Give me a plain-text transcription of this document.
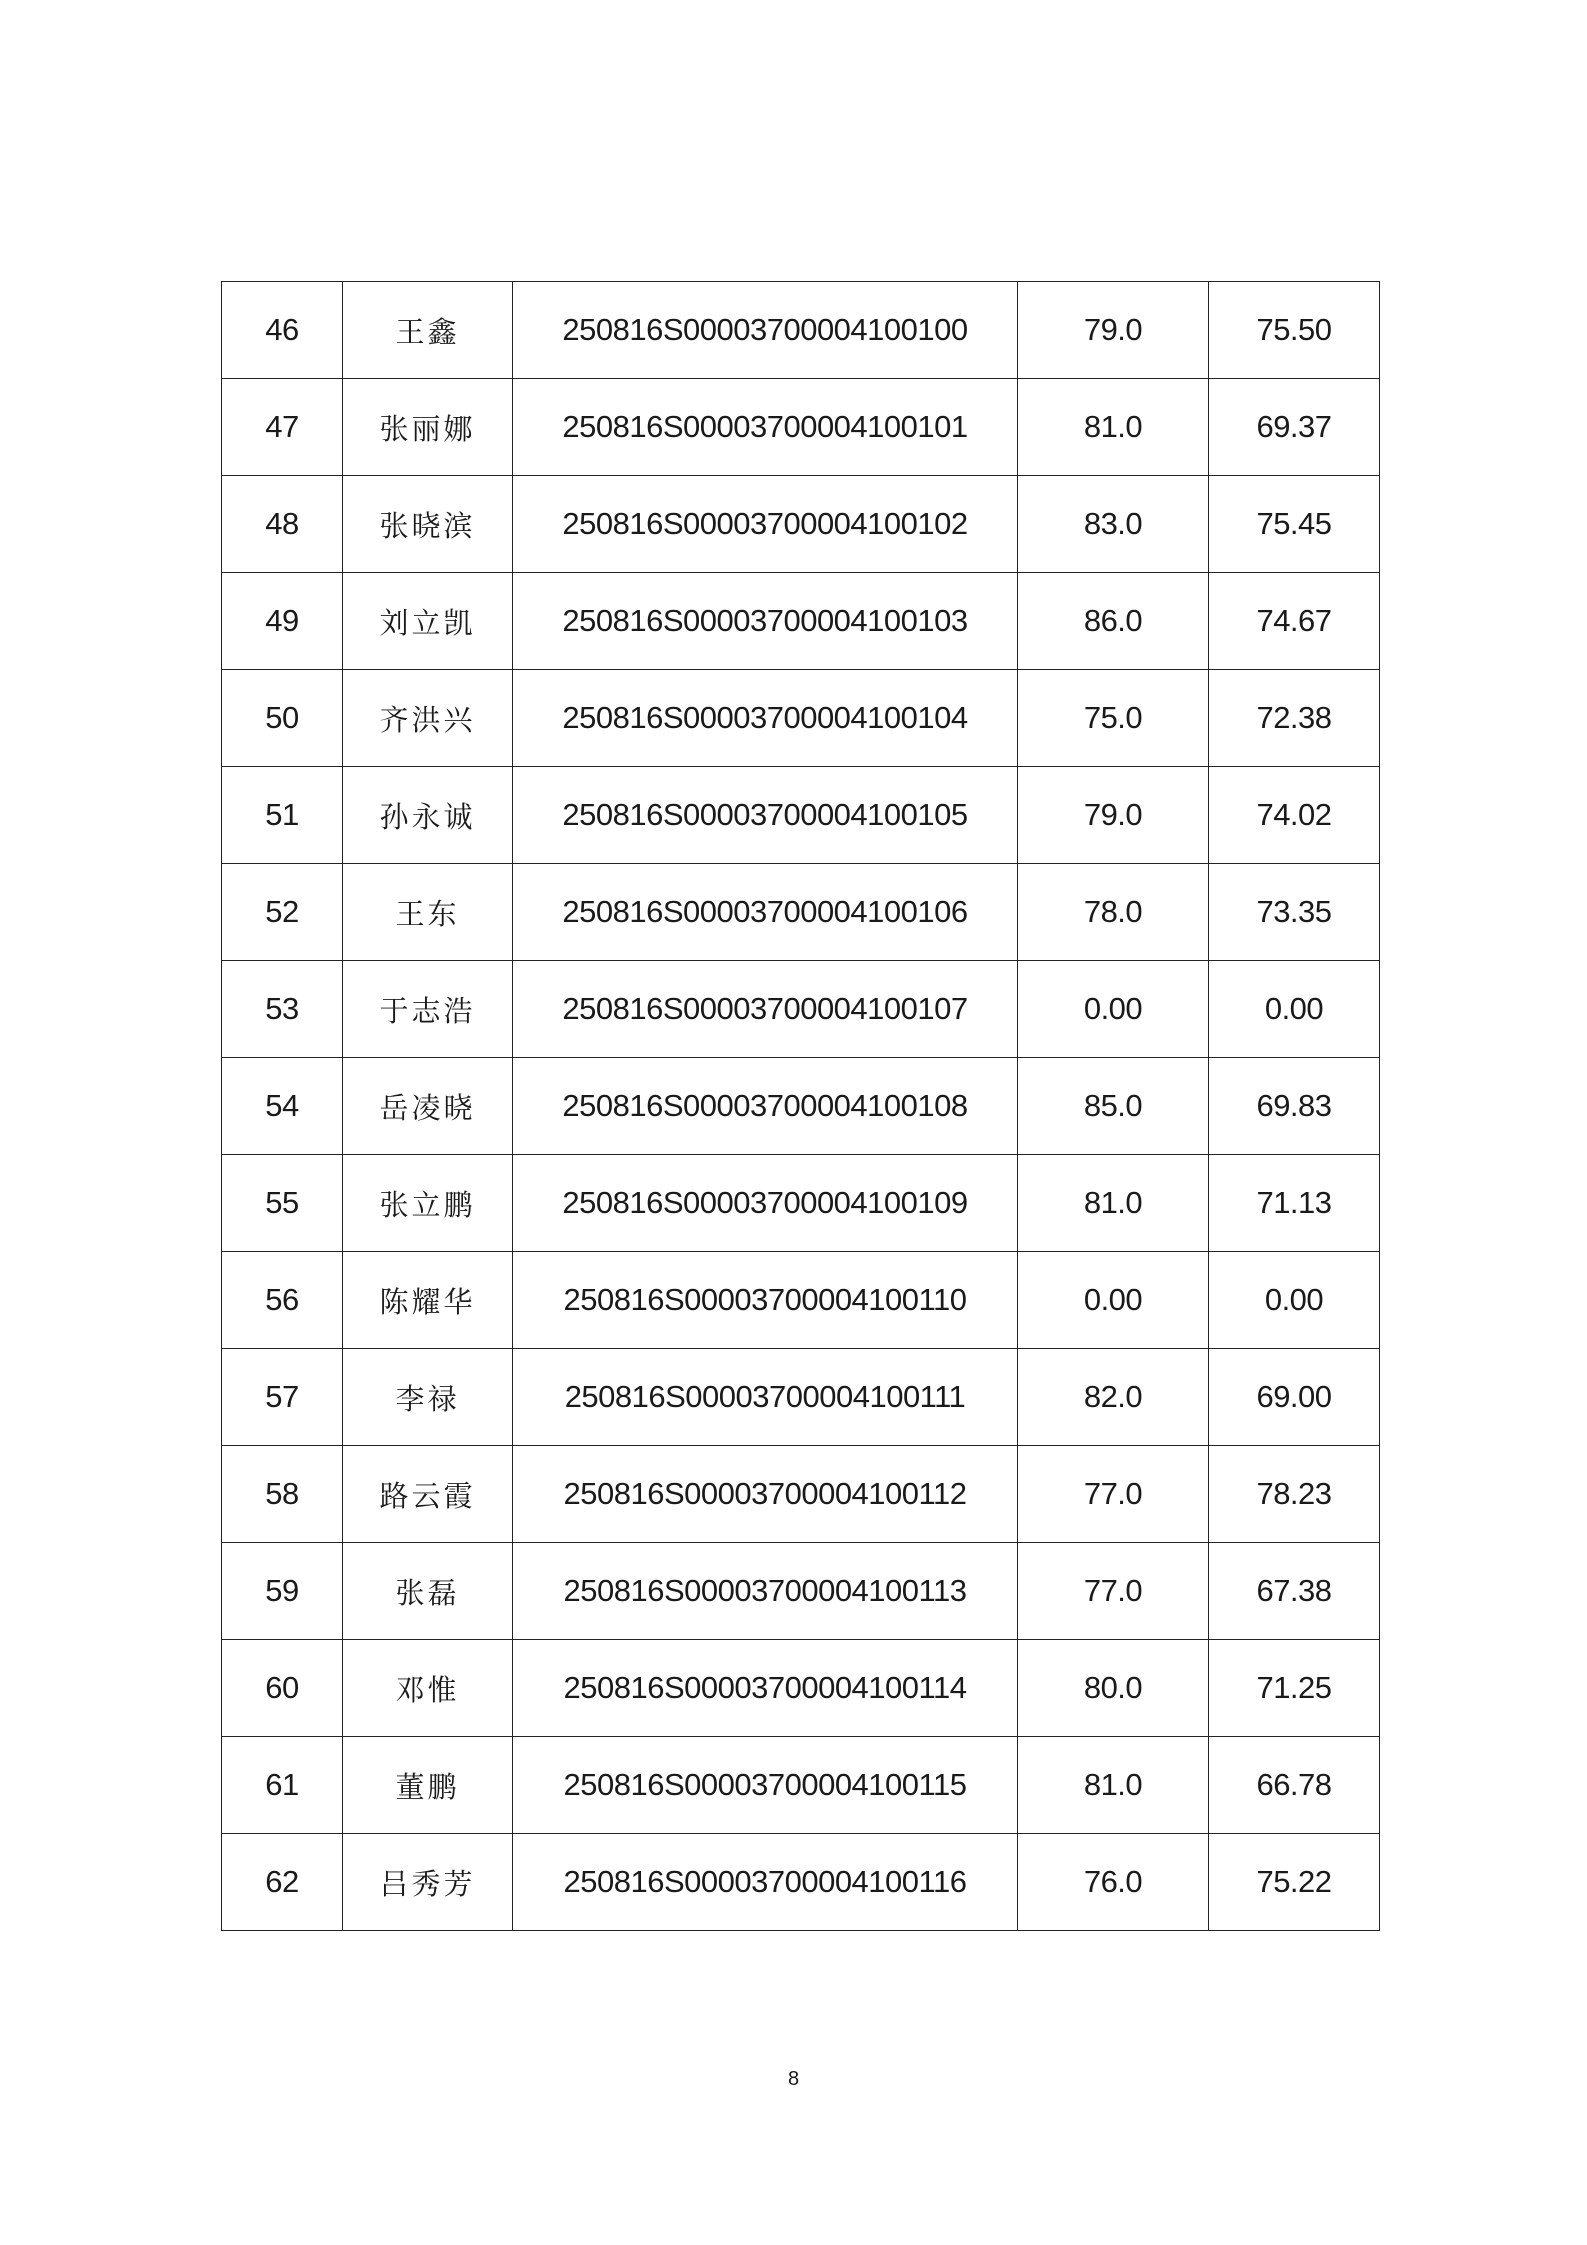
46	王鑫	250816S00003700004100100	79.0	75.50
47	张丽娜	250816S00003700004100101	81.0	69.37
48	张晓滨	250816S00003700004100102	83.0	75.45
49	刘立凯	250816S00003700004100103	86.0	74.67
50	齐洪兴	250816S00003700004100104	75.0	72.38
51	孙永诚	250816S00003700004100105	79.0	74.02
52	王东	250816S00003700004100106	78.0	73.35
53	于志浩	250816S00003700004100107	0.00	0.00
54	岳凌晓	250816S00003700004100108	85.0	69.83
55	张立鹏	250816S00003700004100109	81.0	71.13
56	陈耀华	250816S00003700004100110	0.00	0.00
57	李禄	250816S00003700004100111	82.0	69.00
58	路云霞	250816S00003700004100112	77.0	78.23
59	张磊	250816S00003700004100113	77.0	67.38
60	邓惟	250816S00003700004100114	80.0	71.25
61	董鹏	250816S00003700004100115	81.0	66.78
62	吕秀芳	250816S00003700004100116	76.0	75.22
8
